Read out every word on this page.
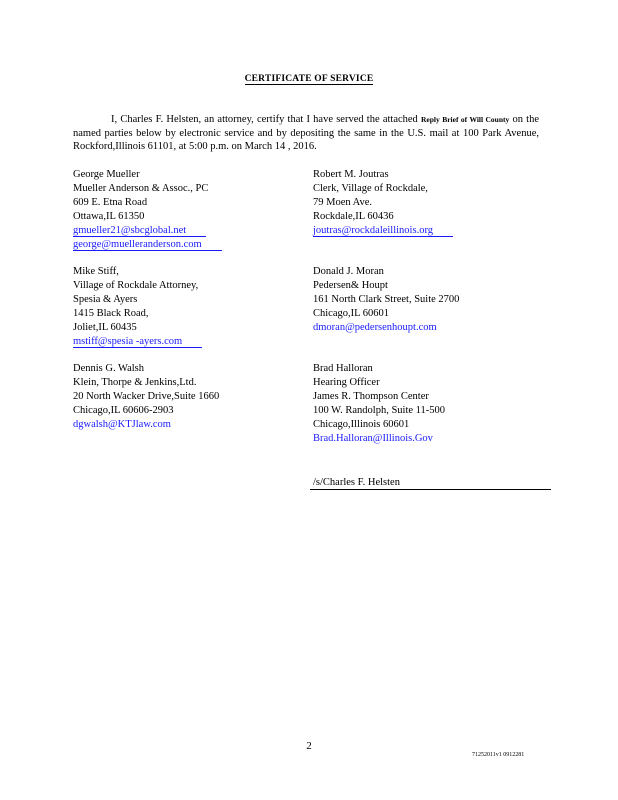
CERTIFICATE OF SERVICE
I, Charles F. Helsten, an attorney, certify that I have served the attached Reply Brief of Will County on the named parties below by electronic service and by depositing the same in the U.S. mail at 100 Park Avenue, Rockford,Illinois 61101, at 5:00 p.m. on March 14 , 2016.
George Mueller
Mueller Anderson & Assoc., PC
609 E. Etna Road
Ottawa,IL 61350
gmueller21@sbcglobal.net
george@muelleranderson.com
Mike Stiff,
Village of Rockdale Attorney,
Spesia & Ayers
1415 Black Road,
Joliet,IL 60435
mstiff@spesia -ayers.com
Dennis G. Walsh
Klein, Thorpe & Jenkins,Ltd.
20 North Wacker Drive,Suite 1660
Chicago,IL 60606-2903
dgwalsh@KTJlaw.com
Robert M. Joutras
Clerk, Village of Rockdale,
79 Moen Ave.
Rockdale,IL 60436
joutras@rockdaleillinois.org
Donald J. Moran
Pedersen& Houpt
161 North Clark Street, Suite 2700
Chicago,IL 60601
dmoran@pedersenhoupt.com
Brad Halloran
Hearing Officer
James R. Thompson Center
100 W. Randolph, Suite 11-500
Chicago,Illinois 60601
Brad.Halloran@Illinois.Gov
/s/Charles F. Helsten
2
71252011v1 0912281
